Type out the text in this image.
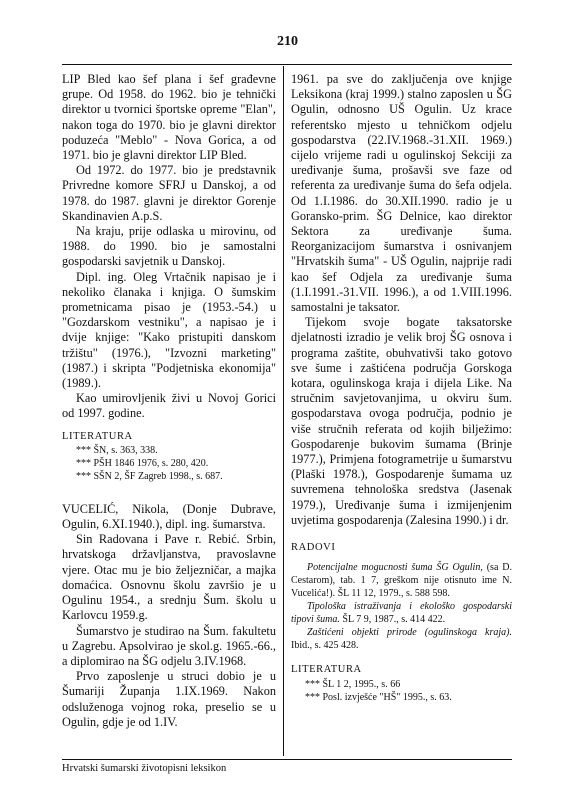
210

LIP Bled kao šef plana i šef građevne grupe. Od 1958. do 1962. bio je tehnički direktor u tvornici športske opreme "Elan", nakon toga do 1970. bio je glavni direktor poduzeća "Meblo" - Nova Gorica, a od 1971. bio je glavni direktor LIP Bled.

Od 1972. do 1977. bio je predstavnik Privredne komore SFRJ u Danskoj, a od 1978. do 1987. glavni je direktor Gorenje Skandinavien A.p.S.

Na kraju, prije odlaska u mirovinu, od 1988. do 1990. bio je samostalni gospodarski savjetnik u Danskoj.

Dipl. ing. Oleg Vrtačnik napisao je i nekoliko članaka i knjiga. O šumskim prometnicama pisao je (1953.-54.) u "Gozdarskom vestniku", a napisao je i dvije knjige: "Kako pristupiti danskom tržištu" (1976.), "Izvozni marketing" (1987.) i skripta "Podjetniska ekonomija" (1989.).

Kao umirovljenik živi u Novoj Gorici od 1997. godine.

LITERATURA

*** ŠN, s. 363, 338.

*** PŠH 1846 1976, s. 280, 420.

*** SŠN 2, ŠF Zagreb 1998., s. 687.

VUCELIĆ, Nikola, (Donje Dubrave, Ogulin, 6.XI.1940.), dipl. ing. šumarstva.

Sin Radovana i Pave r. Rebić. Srbin, hrvatskoga državljanstva, pravoslavne vjere. Otac mu je bio željezničar, a majka domaćica. Osnovnu školu završio je u Ogulinu 1954., a srednju Šum. školu u Karlovcu 1959.g.

Šumarstvo je studirao na Šum. fakultetu u Zagrebu. Apsolvirao je skol.g. 1965.-66., a diplomirao na ŠG odjelu 3.IV.1968.

Prvo zaposlenje u struci dobio je u Šumariji Županja 1.IX.1969. Nakon odsluženoga vojnog roka, preselio se u Ogulin, gdje je od 1.IV.

1961. pa sve do zaključenja ove knjige Leksikona (kraj 1999.) stalno zaposlen u ŠG Ogulin, odnosno UŠ Ogulin. Uz krace referentsko mjesto u tehničkom odjelu gospodarstva (22.IV.1968.-31.XII. 1969.) cijelo vrijeme radi u ogulinskoj Sekciji za uređivanje šuma, prošavši sve faze od referenta za uređivanje šuma do šefa odjela. Od 1.I.1986. do 30.XII.1990. radio je u Goransko-prim. ŠG Delnice, kao direktor Sektora za uređivanje šuma. Reorganizacijom šumarstva i osnivanjem "Hrvatskih šuma" - UŠ Ogulin, najprije radi kao šef Odjela za uređivanje šuma (1.I.1991.-31.VII. 1996.), a od 1.VIII.1996. samostalni je taksator.

Tijekom svoje bogate taksatorske djelatnosti izradio je velik broj ŠG osnova i programa zaštite, obuhvativši tako gotovo sve šume i zaštićena područja Gorskoga kotara, ogulinskoga kraja i dijela Like. Na stručnim savjetovanjima, u okviru šum. gospodarstava ovoga područja, podnio je više stručnih referata od kojih bilježimo: Gospodarenje bukovim šumama (Brinje 1977.), Primjena fotogrametrije u šumarstvu (Plaški 1978.), Gospodarenje šumama uz suvremena tehnološka sredstva (Jasenak 1979.), Uređivanje šuma i izmijenjenim uvjetima gospodarenja (Zalesina 1990.) i dr.

RADOVI

Potencijalne mogucnosti šuma ŠG Ogulin, (sa D. Cestarom), tab. 1 7, greškom nije otisnuto ime N. Vucelića!). ŠL 11 12, 1979., s. 588 598.

Tipološka istraživanja i ekološko gospodarski tipovi šuma. ŠL 7 9, 1987., s. 414 422.

Zaštićeni objekti prirode (ogulinskoga kraja). Ibid., s. 425 428.

LITERATURA

*** ŠL 1 2, 1995., s. 66

*** Posl. izvješće "HŠ" 1995., s. 63.

Hrvatski šumarski životopisni leksikon
